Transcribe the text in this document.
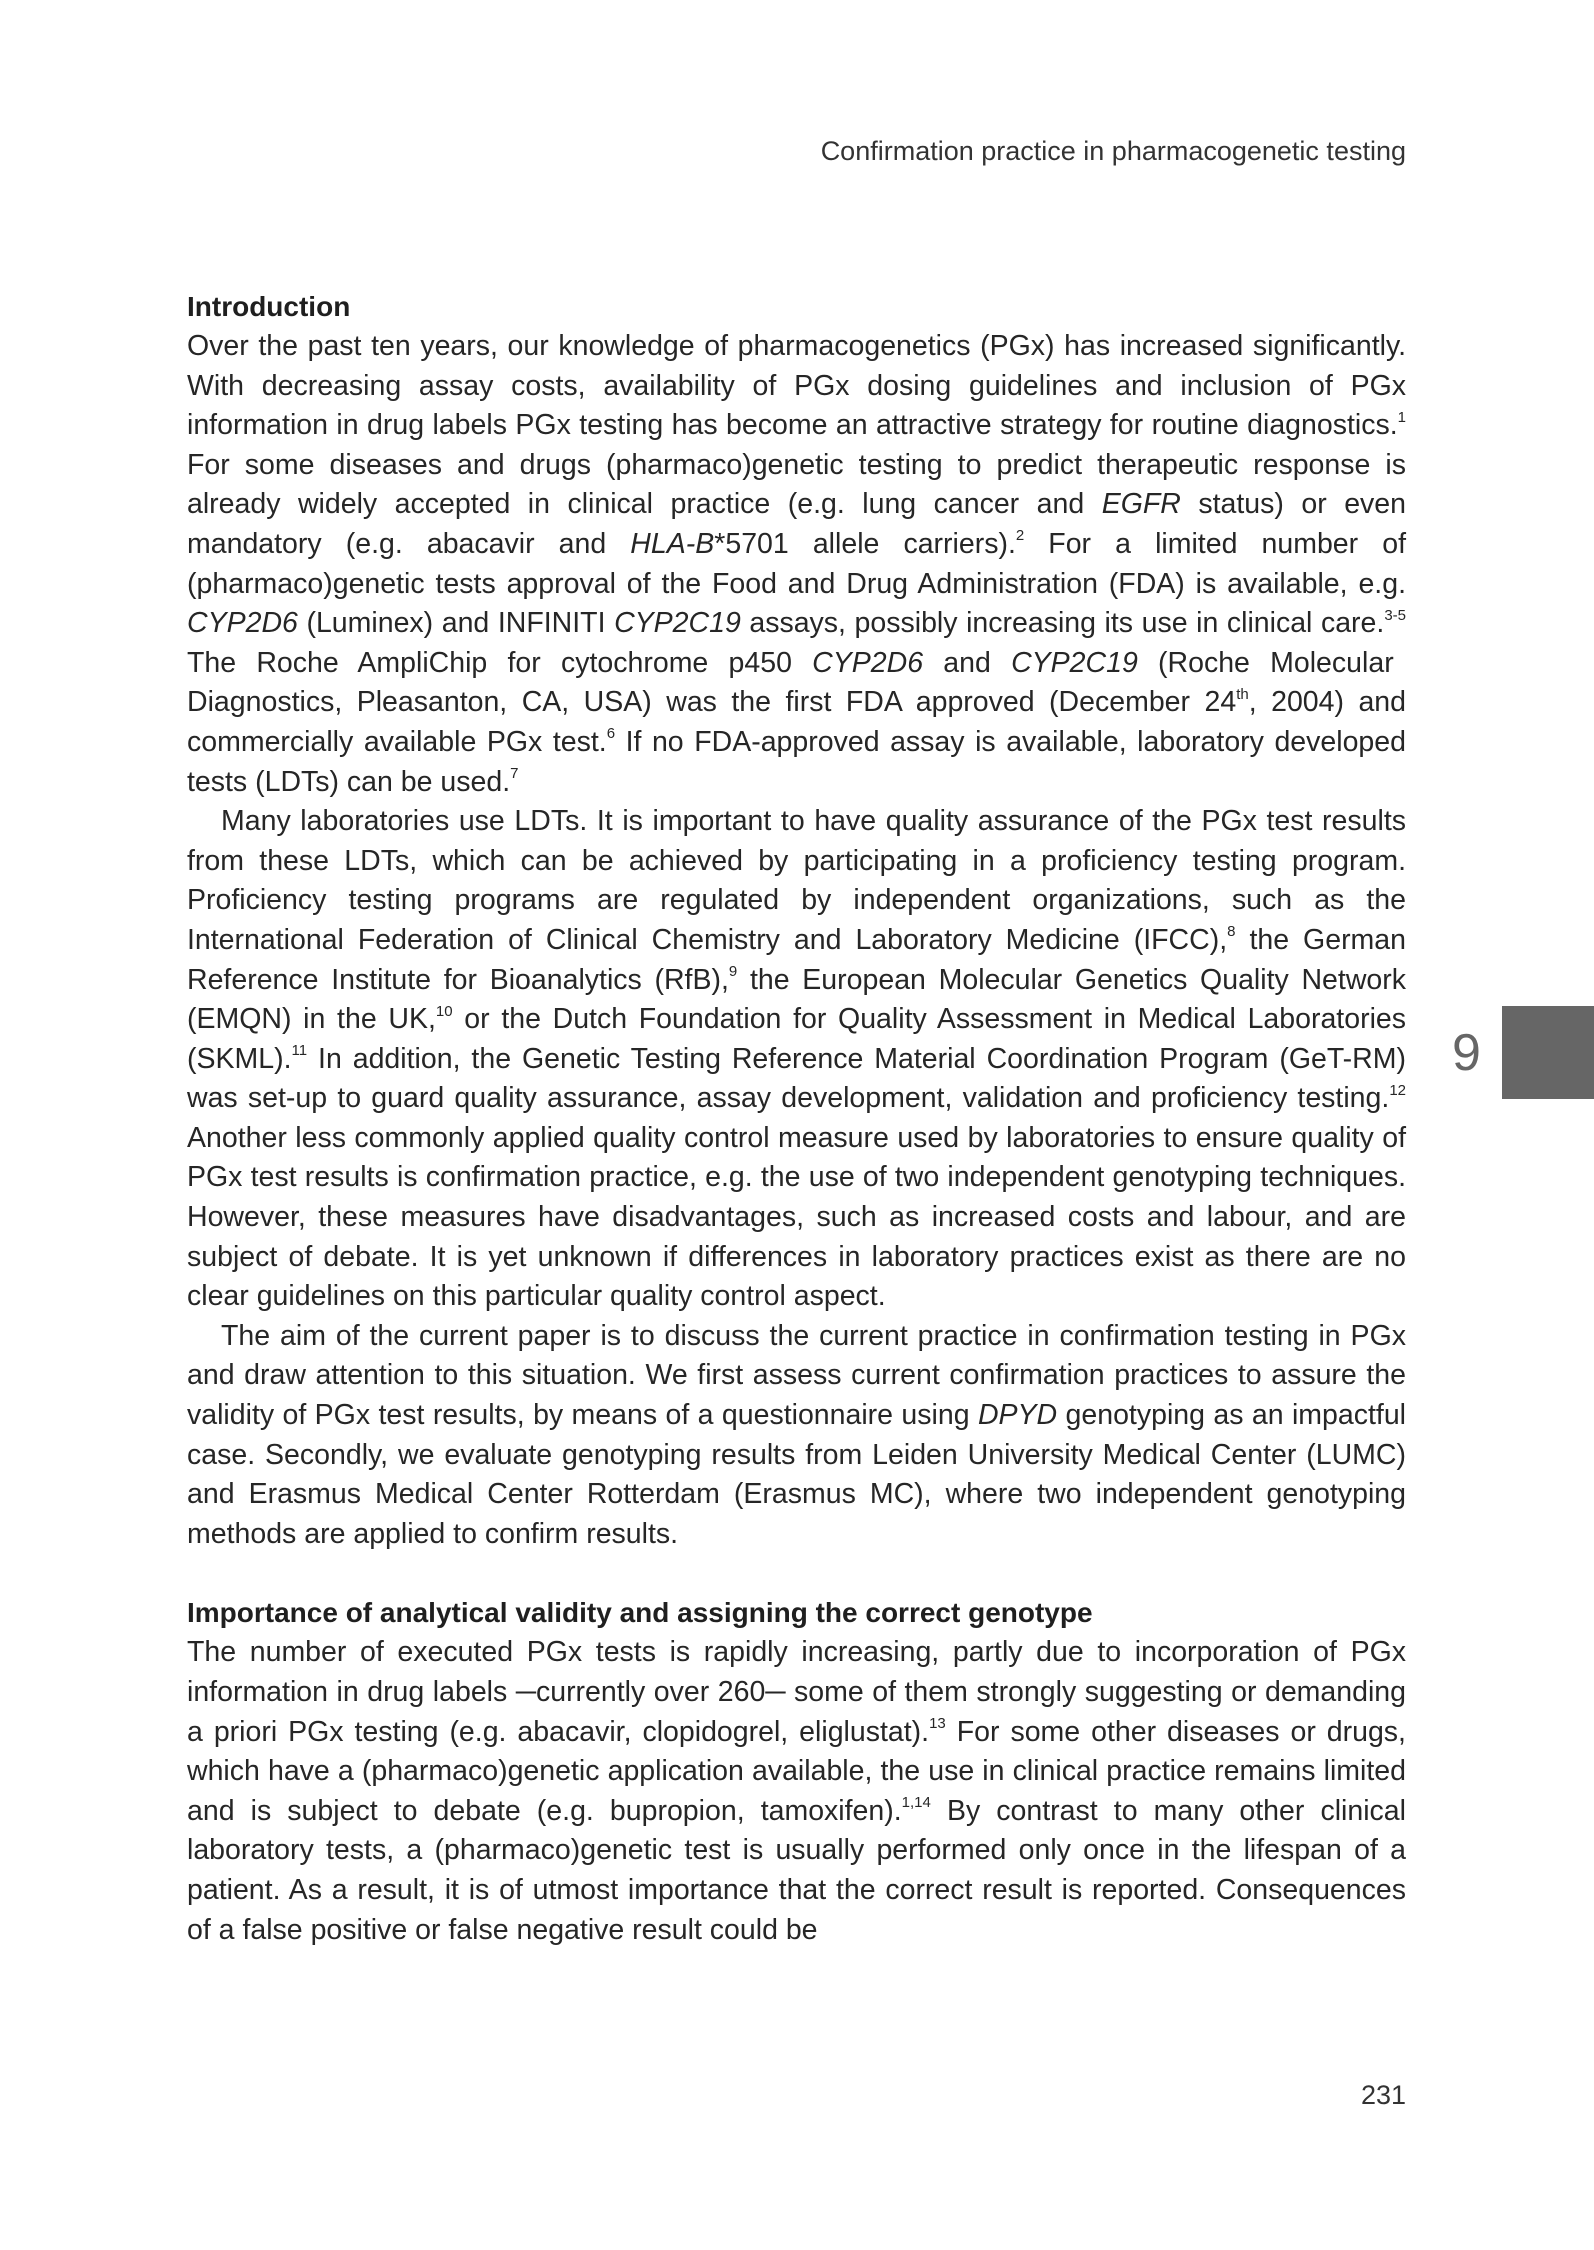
Confirmation practice in pharmacogenetic testing
Introduction

Over the past ten years, our knowledge of pharmacogenetics (PGx) has increased significantly. With decreasing assay costs, availability of PGx dosing guidelines and inclusion of PGx information in drug labels PGx testing has become an attractive strategy for routine diagnostics.$^1$ For some diseases and drugs (pharmaco)genetic testing to predict therapeutic response is already widely accepted in clinical practice (e.g. lung cancer and EGFR status) or even mandatory (e.g. abacavir and HLA-B*5701 allele carriers).$^2$ For a limited number of (pharmaco)genetic tests approval of the Food and Drug Administration (FDA) is available, e.g. CYP2D6 (Luminex) and INFINITI CYP2C19 assays, possibly increasing its use in clinical care.$^{3-5}$ The Roche AmpliChip for cytochrome p450 CYP2D6 and CYP2C19 (Roche Molecular Diagnostics, Pleasanton, CA, USA) was the first FDA approved (December 24th, 2004) and commercially available PGx test.$^6$ If no FDA-approved assay is available, laboratory developed tests (LDTs) can be used.$^7$

Many laboratories use LDTs. It is important to have quality assurance of the PGx test results from these LDTs, which can be achieved by participating in a proficiency testing program. Proficiency testing programs are regulated by independent organizations, such as the International Federation of Clinical Chemistry and Laboratory Medicine (IFCC),$^8$ the German Reference Institute for Bioanalytics (RfB),$^9$ the European Molecular Genetics Quality Network (EMQN) in the UK,$^{10}$ or the Dutch Foundation for Quality Assessment in Medical Laboratories (SKML).$^{11}$ In addition, the Genetic Testing Reference Material Coordination Program (GeT-RM) was set-up to guard quality assurance, assay development, validation and proficiency testing.$^{12}$ Another less commonly applied quality control measure used by laboratories to ensure quality of PGx test results is confirmation practice, e.g. the use of two independent genotyping techniques. However, these measures have disadvantages, such as increased costs and labour, and are subject of debate. It is yet unknown if differences in laboratory practices exist as there are no clear guidelines on this particular quality control aspect.

The aim of the current paper is to discuss the current practice in confirmation testing in PGx and draw attention to this situation. We first assess current confirmation practices to assure the validity of PGx test results, by means of a questionnaire using DPYD genotyping as an impactful case. Secondly, we evaluate genotyping results from Leiden University Medical Center (LUMC) and Erasmus Medical Center Rotterdam (Erasmus MC), where two independent genotyping methods are applied to confirm results.

Importance of analytical validity and assigning the correct genotype

The number of executed PGx tests is rapidly increasing, partly due to incorporation of PGx information in drug labels ─currently over 260─ some of them strongly suggesting or demanding a priori PGx testing (e.g. abacavir, clopidogrel, eliglustat).$^{13}$ For some other diseases or drugs, which have a (pharmaco)genetic application available, the use in clinical practice remains limited and is subject to debate (e.g. bupropion, tamoxifen).$^{1,14}$ By contrast to many other clinical laboratory tests, a (pharmaco)genetic test is usually performed only once in the lifespan of a patient. As a result, it is of utmost importance that the correct result is reported. Consequences of a false positive or false negative result could be

9
231
